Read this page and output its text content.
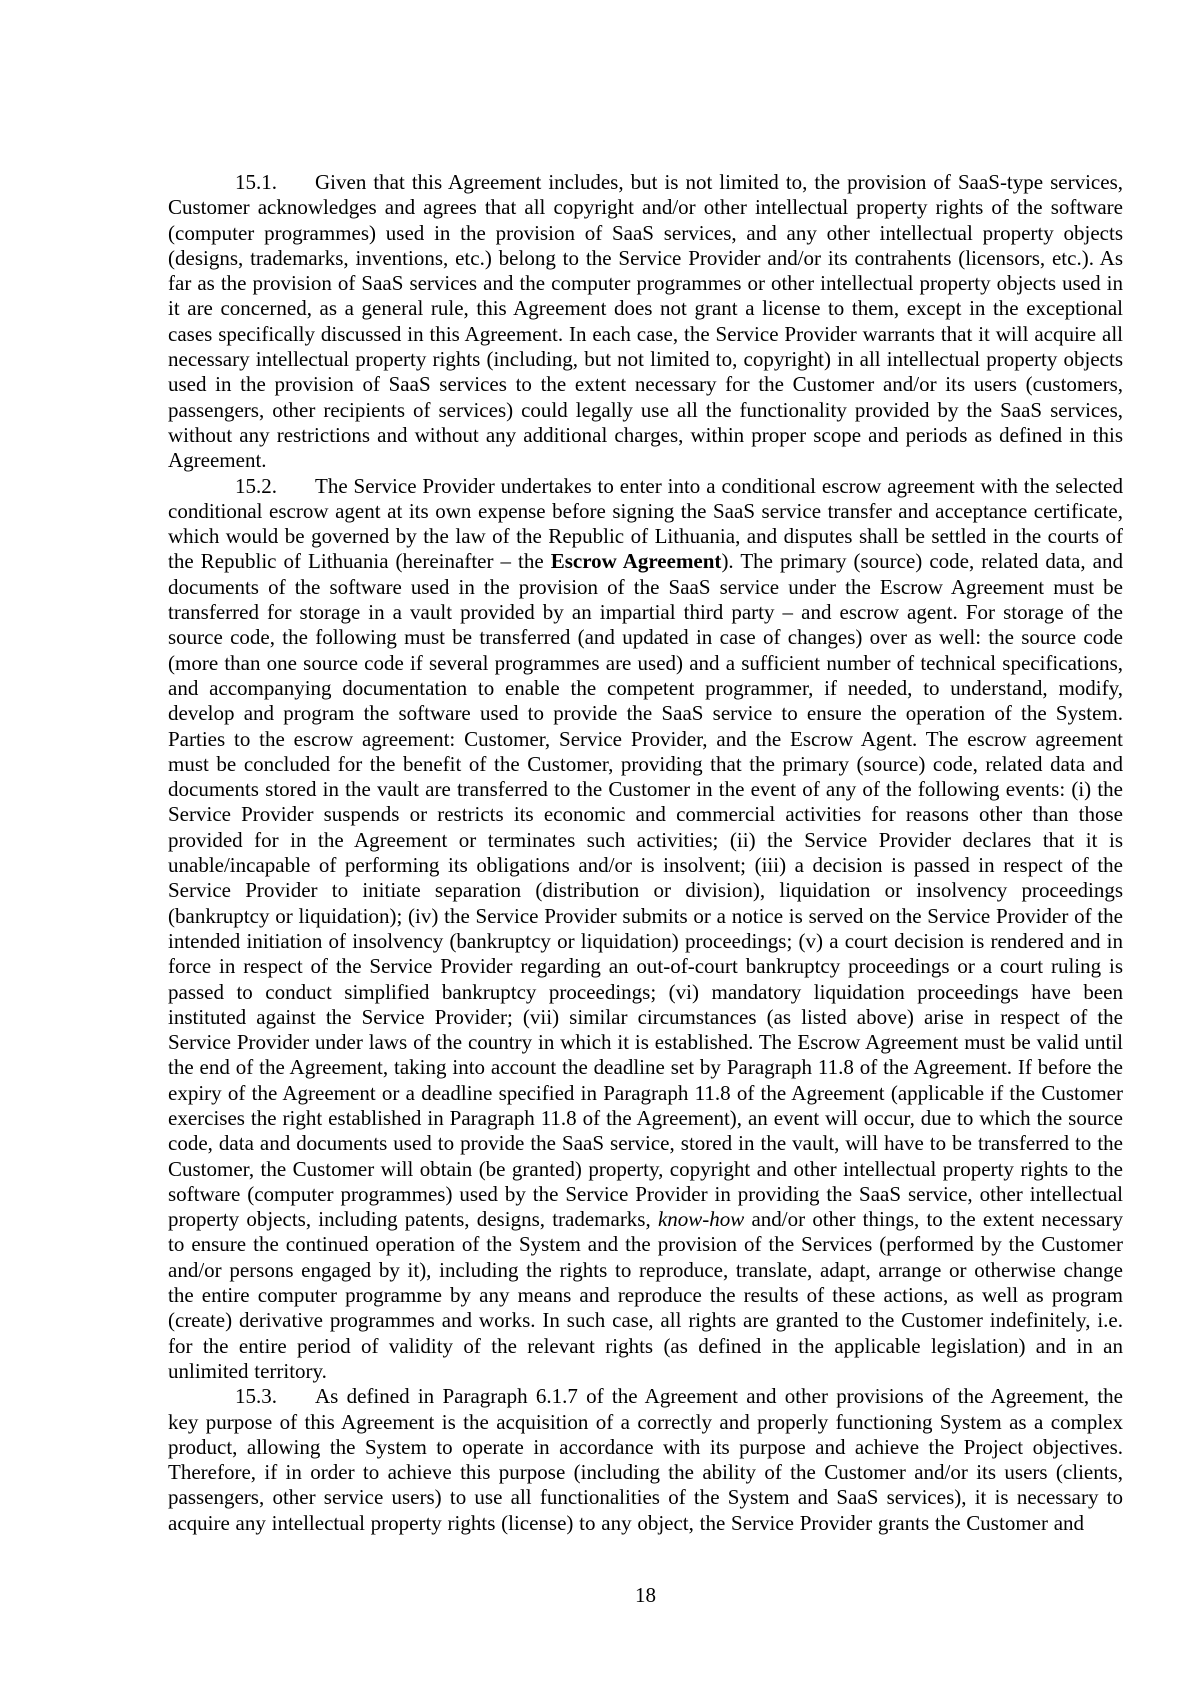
15.1. Given that this Agreement includes, but is not limited to, the provision of SaaS-type services, Customer acknowledges and agrees that all copyright and/or other intellectual property rights of the software (computer programmes) used in the provision of SaaS services, and any other intellectual property objects (designs, trademarks, inventions, etc.) belong to the Service Provider and/or its contrahents (licensors, etc.). As far as the provision of SaaS services and the computer programmes or other intellectual property objects used in it are concerned, as a general rule, this Agreement does not grant a license to them, except in the exceptional cases specifically discussed in this Agreement. In each case, the Service Provider warrants that it will acquire all necessary intellectual property rights (including, but not limited to, copyright) in all intellectual property objects used in the provision of SaaS services to the extent necessary for the Customer and/or its users (customers, passengers, other recipients of services) could legally use all the functionality provided by the SaaS services, without any restrictions and without any additional charges, within proper scope and periods as defined in this Agreement.

15.2. The Service Provider undertakes to enter into a conditional escrow agreement with the selected conditional escrow agent at its own expense before signing the SaaS service transfer and acceptance certificate, which would be governed by the law of the Republic of Lithuania, and disputes shall be settled in the courts of the Republic of Lithuania (hereinafter – the Escrow Agreement). The primary (source) code, related data, and documents of the software used in the provision of the SaaS service under the Escrow Agreement must be transferred for storage in a vault provided by an impartial third party – and escrow agent. For storage of the source code, the following must be transferred (and updated in case of changes) over as well: the source code (more than one source code if several programmes are used) and a sufficient number of technical specifications, and accompanying documentation to enable the competent programmer, if needed, to understand, modify, develop and program the software used to provide the SaaS service to ensure the operation of the System. Parties to the escrow agreement: Customer, Service Provider, and the Escrow Agent. The escrow agreement must be concluded for the benefit of the Customer, providing that the primary (source) code, related data and documents stored in the vault are transferred to the Customer in the event of any of the following events: (i) the Service Provider suspends or restricts its economic and commercial activities for reasons other than those provided for in the Agreement or terminates such activities; (ii) the Service Provider declares that it is unable/incapable of performing its obligations and/or is insolvent; (iii) a decision is passed in respect of the Service Provider to initiate separation (distribution or division), liquidation or insolvency proceedings (bankruptcy or liquidation); (iv) the Service Provider submits or a notice is served on the Service Provider of the intended initiation of insolvency (bankruptcy or liquidation) proceedings; (v) a court decision is rendered and in force in respect of the Service Provider regarding an out-of-court bankruptcy proceedings or a court ruling is passed to conduct simplified bankruptcy proceedings; (vi) mandatory liquidation proceedings have been instituted against the Service Provider; (vii) similar circumstances (as listed above) arise in respect of the Service Provider under laws of the country in which it is established. The Escrow Agreement must be valid until the end of the Agreement, taking into account the deadline set by Paragraph 11.8 of the Agreement. If before the expiry of the Agreement or a deadline specified in Paragraph 11.8 of the Agreement (applicable if the Customer exercises the right established in Paragraph 11.8 of the Agreement), an event will occur, due to which the source code, data and documents used to provide the SaaS service, stored in the vault, will have to be transferred to the Customer, the Customer will obtain (be granted) property, copyright and other intellectual property rights to the software (computer programmes) used by the Service Provider in providing the SaaS service, other intellectual property objects, including patents, designs, trademarks, know-how and/or other things, to the extent necessary to ensure the continued operation of the System and the provision of the Services (performed by the Customer and/or persons engaged by it), including the rights to reproduce, translate, adapt, arrange or otherwise change the entire computer programme by any means and reproduce the results of these actions, as well as program (create) derivative programmes and works. In such case, all rights are granted to the Customer indefinitely, i.e. for the entire period of validity of the relevant rights (as defined in the applicable legislation) and in an unlimited territory.

15.3. As defined in Paragraph 6.1.7 of the Agreement and other provisions of the Agreement, the key purpose of this Agreement is the acquisition of a correctly and properly functioning System as a complex product, allowing the System to operate in accordance with its purpose and achieve the Project objectives. Therefore, if in order to achieve this purpose (including the ability of the Customer and/or its users (clients, passengers, other service users) to use all functionalities of the System and SaaS services), it is necessary to acquire any intellectual property rights (license) to any object, the Service Provider grants the Customer and

18
